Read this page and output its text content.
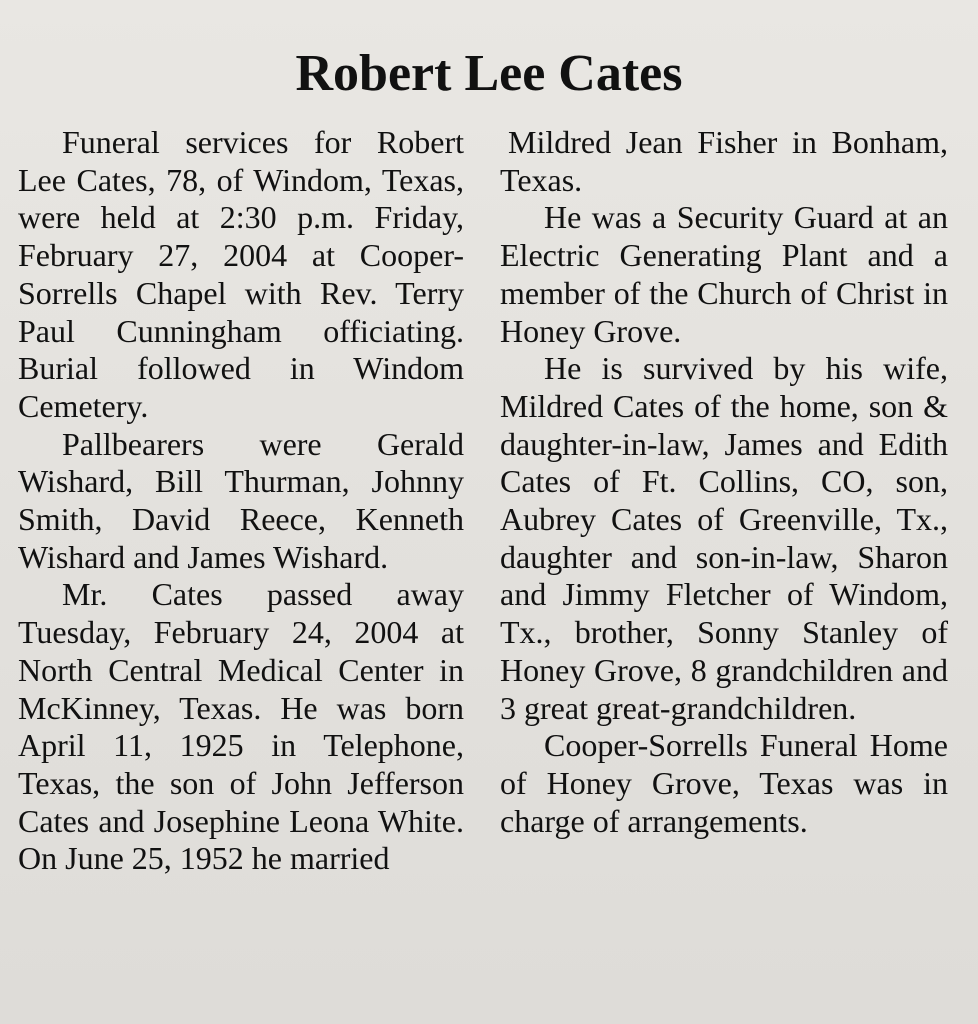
Robert Lee Cates

Funeral services for Robert Lee Cates, 78, of Windom, Texas, were held at 2:30 p.m. Friday, February 27, 2004 at Cooper-Sorrells Chapel with Rev. Terry Paul Cunningham officiating. Burial followed in Windom Cemetery.

Pallbearers were Gerald Wishard, Bill Thurman, Johnny Smith, David Reece, Kenneth Wishard and James Wishard.

Mr. Cates passed away Tuesday, February 24, 2004 at North Central Medical Center in McKinney, Texas. He was born April 11, 1925 in Telephone, Texas, the son of John Jefferson Cates and Josephine Leona White. On June 25, 1952 he married

Mildred Jean Fisher in Bonham, Texas.

He was a Security Guard at an Electric Generating Plant and a member of the Church of Christ in Honey Grove.

He is survived by his wife, Mildred Cates of the home, son & daughter-in-law, James and Edith Cates of Ft. Collins, CO, son, Aubrey Cates of Greenville, Tx., daughter and son-in-law, Sharon and Jimmy Fletcher of Windom, Tx., brother, Sonny Stanley of Honey Grove, 8 grandchildren and 3 great great-grandchildren.

Cooper-Sorrells Funeral Home of Honey Grove, Texas was in charge of arrangements.
